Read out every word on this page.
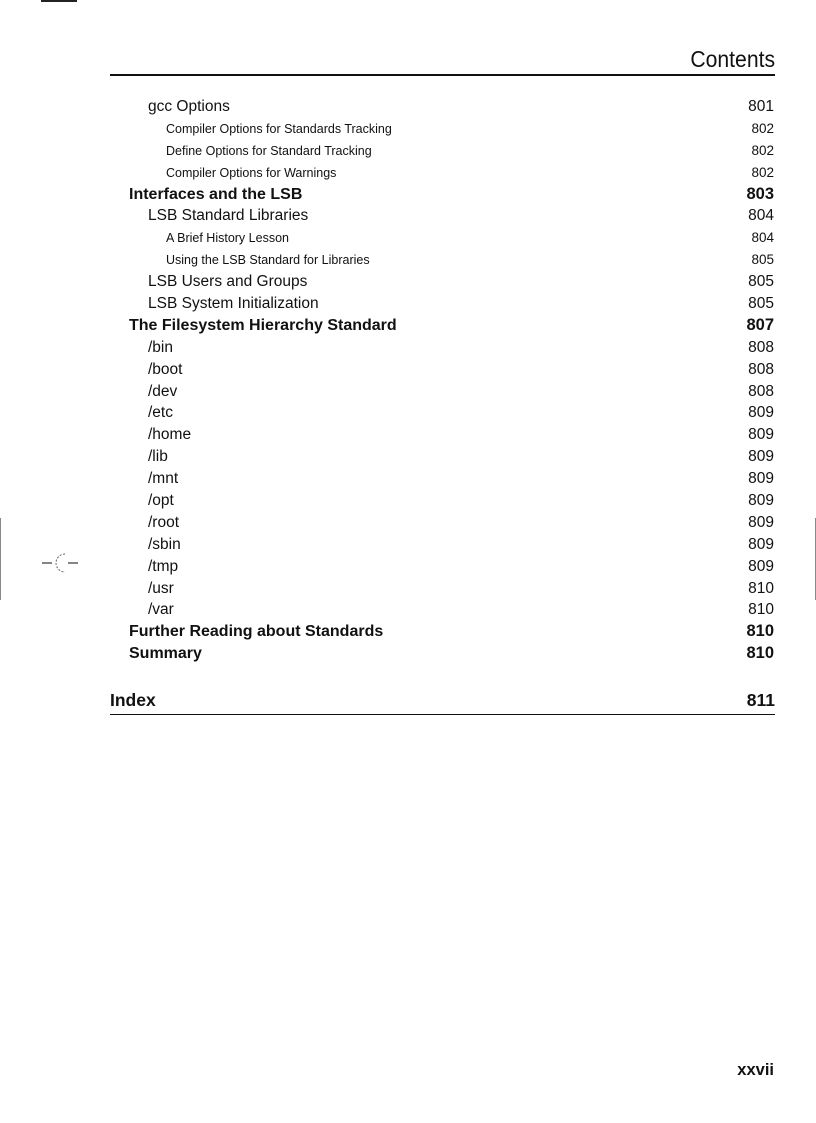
Contents
gcc Options	801
Compiler Options for Standards Tracking	802
Define Options for Standard Tracking	802
Compiler Options for Warnings	802
Interfaces and the LSB	803
LSB Standard Libraries	804
A Brief History Lesson	804
Using the LSB Standard for Libraries	805
LSB Users and Groups	805
LSB System Initialization	805
The Filesystem Hierarchy Standard	807
/bin	808
/boot	808
/dev	808
/etc	809
/home	809
/lib	809
/mnt	809
/opt	809
/root	809
/sbin	809
/tmp	809
/usr	810
/var	810
Further Reading about Standards	810
Summary	810
Index	811
xxvii
